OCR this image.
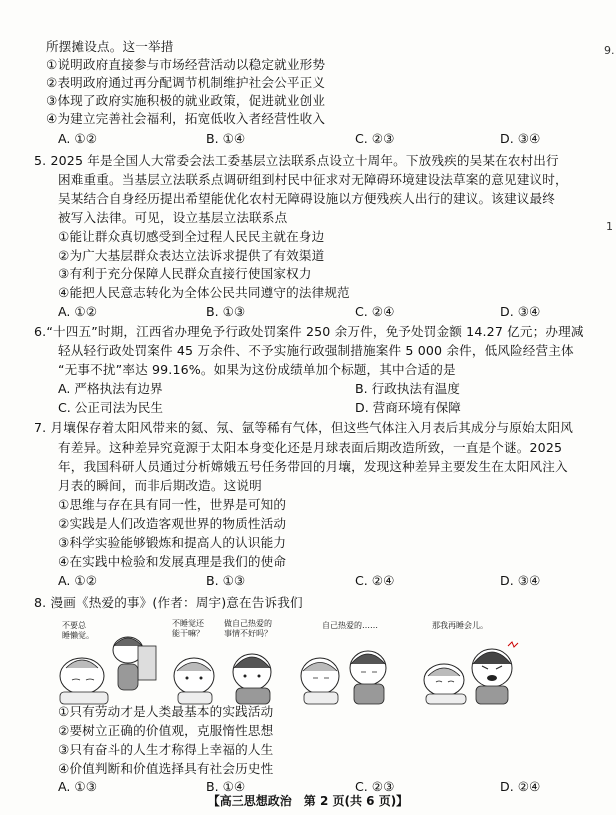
所摆摊设点。这一举措
①说明政府直接参与市场经营活动以稳定就业形势
②表明政府通过再分配调节机制维护社会公平正义
③体现了政府实施积极的就业政策，促进就业创业
④为建立完善社会福利，拓宽低收入者经营性收入
A. ①②	B. ①④	C. ②③	D. ③④
5. 2025 年是全国人大常委会法工委基层立法联系点设立十周年。下放残疾的吴某在农村出行
困难重重。当基层立法联系点调研组到村民中征求对无障碍环境建设法草案的意见建议时，
吴某结合自身经历提出希望能优化农村无障碍设施以方便残疾人出行的建议。该建议最终
被写入法律。可见，设立基层立法联系点
①能让群众真切感受到全过程人民民主就在身边
②为广大基层群众表达立法诉求提供了有效渠道
③有利于充分保障人民群众直接行使国家权力
④能把人民意志转化为全体公民共同遵守的法律规范
A. ①②	B. ①③	C. ②④	D. ③④
6.“十四五”时期，江西省办理免予行政处罚案件 250 余万件，免予处罚金额 14.27 亿元；办理减
轻从轻行政处罚案件 45 万余件、不予实施行政强制措施案件 5 000 余件，低风险经营主体
“无事不扰”率达 99.16%。如果为这份成绩单加个标题，其中合适的是
A. 严格执法有边界	B. 行政执法有温度
C. 公正司法为民生	D. 营商环境有保障
7. 月壤保存着太阳风带来的氦、氖、氩等稀有气体，但这些气体注入月表后其成分与原始太阳风
有差异。这种差异究竟源于太阳本身变化还是月球表面后期改造所致，一直是个谜。2025
年，我国科研人员通过分析嫦娥五号任务带回的月壤，发现这种差异主要发生在太阳风注入
月表的瞬间，而非后期改造。这说明
①思维与存在具有同一性，世界是可知的
②实践是人们改造客观世界的物质性活动
③科学实验能够锻炼和提高人的认识能力
④在实践中检验和发展真理是我们的使命
A. ①②	B. ①③	C. ②④	D. ③④
8. 漫画《热爱的事》(作者：周宇)意在告诉我们
不要总
睡懒觉。
不睡觉还
能干嘛？
做自己热爱的
事情不好吗？
自己热爱的……	那我再睡会儿。
①只有劳动才是人类最基本的实践活动
②要树立正确的价值观，克服惰性思想
③只有奋斗的人生才称得上幸福的人生
④价值判断和价值选择具有社会历史性
A. ①③	B. ①④	C. ②③	D. ②④
9.
1
【高三思想政治　第 2 页(共 6 页)】
